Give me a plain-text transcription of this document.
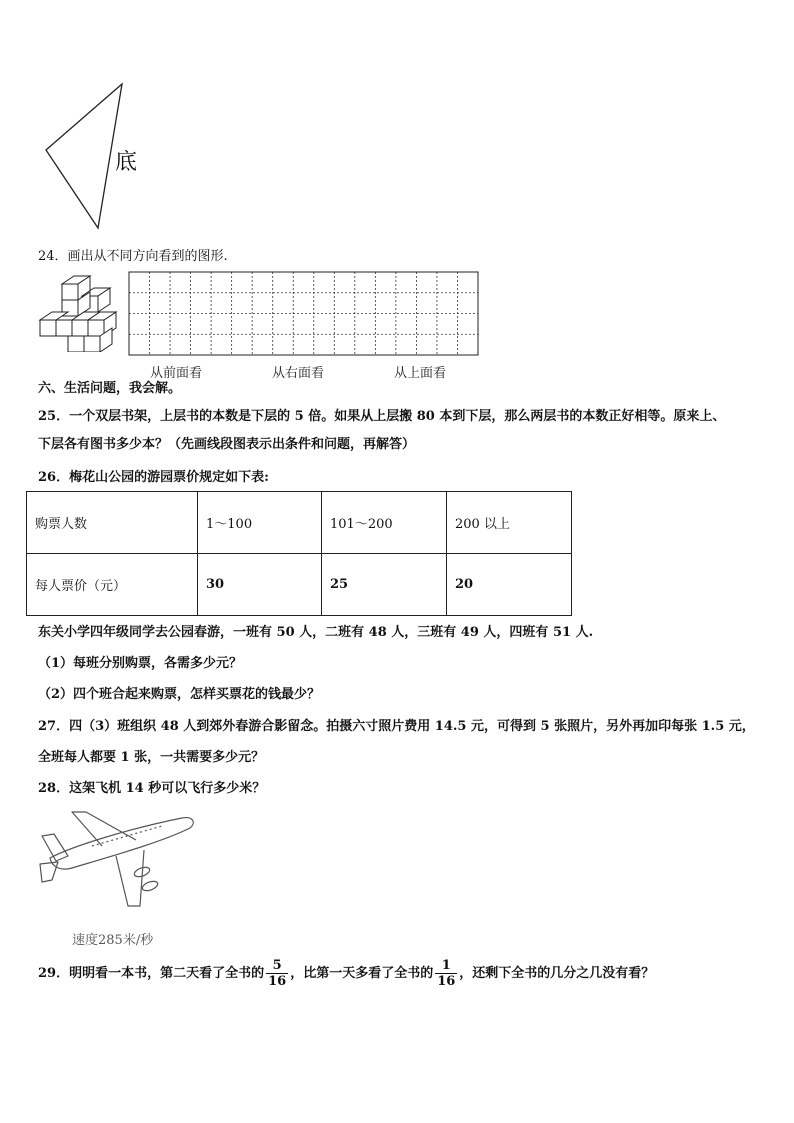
底
24．画出从不同方向看到的图形.
从前面看	从右面看	从上面看
六、生活问题，我会解。
25．一个双层书架，上层书的本数是下层的 5 倍。如果从上层搬 80 本到下层，那么两层书的本数正好相等。原来上、
下层各有图书多少本？（先画线段图表示出条件和问题，再解答）
26．梅花山公园的游园票价规定如下表:
购票人数	1～100	101～200	200 以上
每人票价（元）	30	25	20
东关小学四年级同学去公园春游，一班有 50 人，二班有 48 人，三班有 49 人，四班有 51 人.
（1）每班分别购票，各需多少元？
（2）四个班合起来购票，怎样买票花的钱最少？
27．四（3）班组织 48 人到郊外春游合影留念。拍摄六寸照片费用 14.5 元，可得到 5 张照片，另外再加印每张 1.5 元，
全班每人都要 1 张，一共需要多少元？
28．这架飞机 14 秒可以飞行多少米？
速度285米/秒
29．明明看一本书，第二天看了全书的 $\frac{5}{16}$ ，比第一天多看了全书的 $\frac{1}{16}$ ，还剩下全书的几分之几没有看？
